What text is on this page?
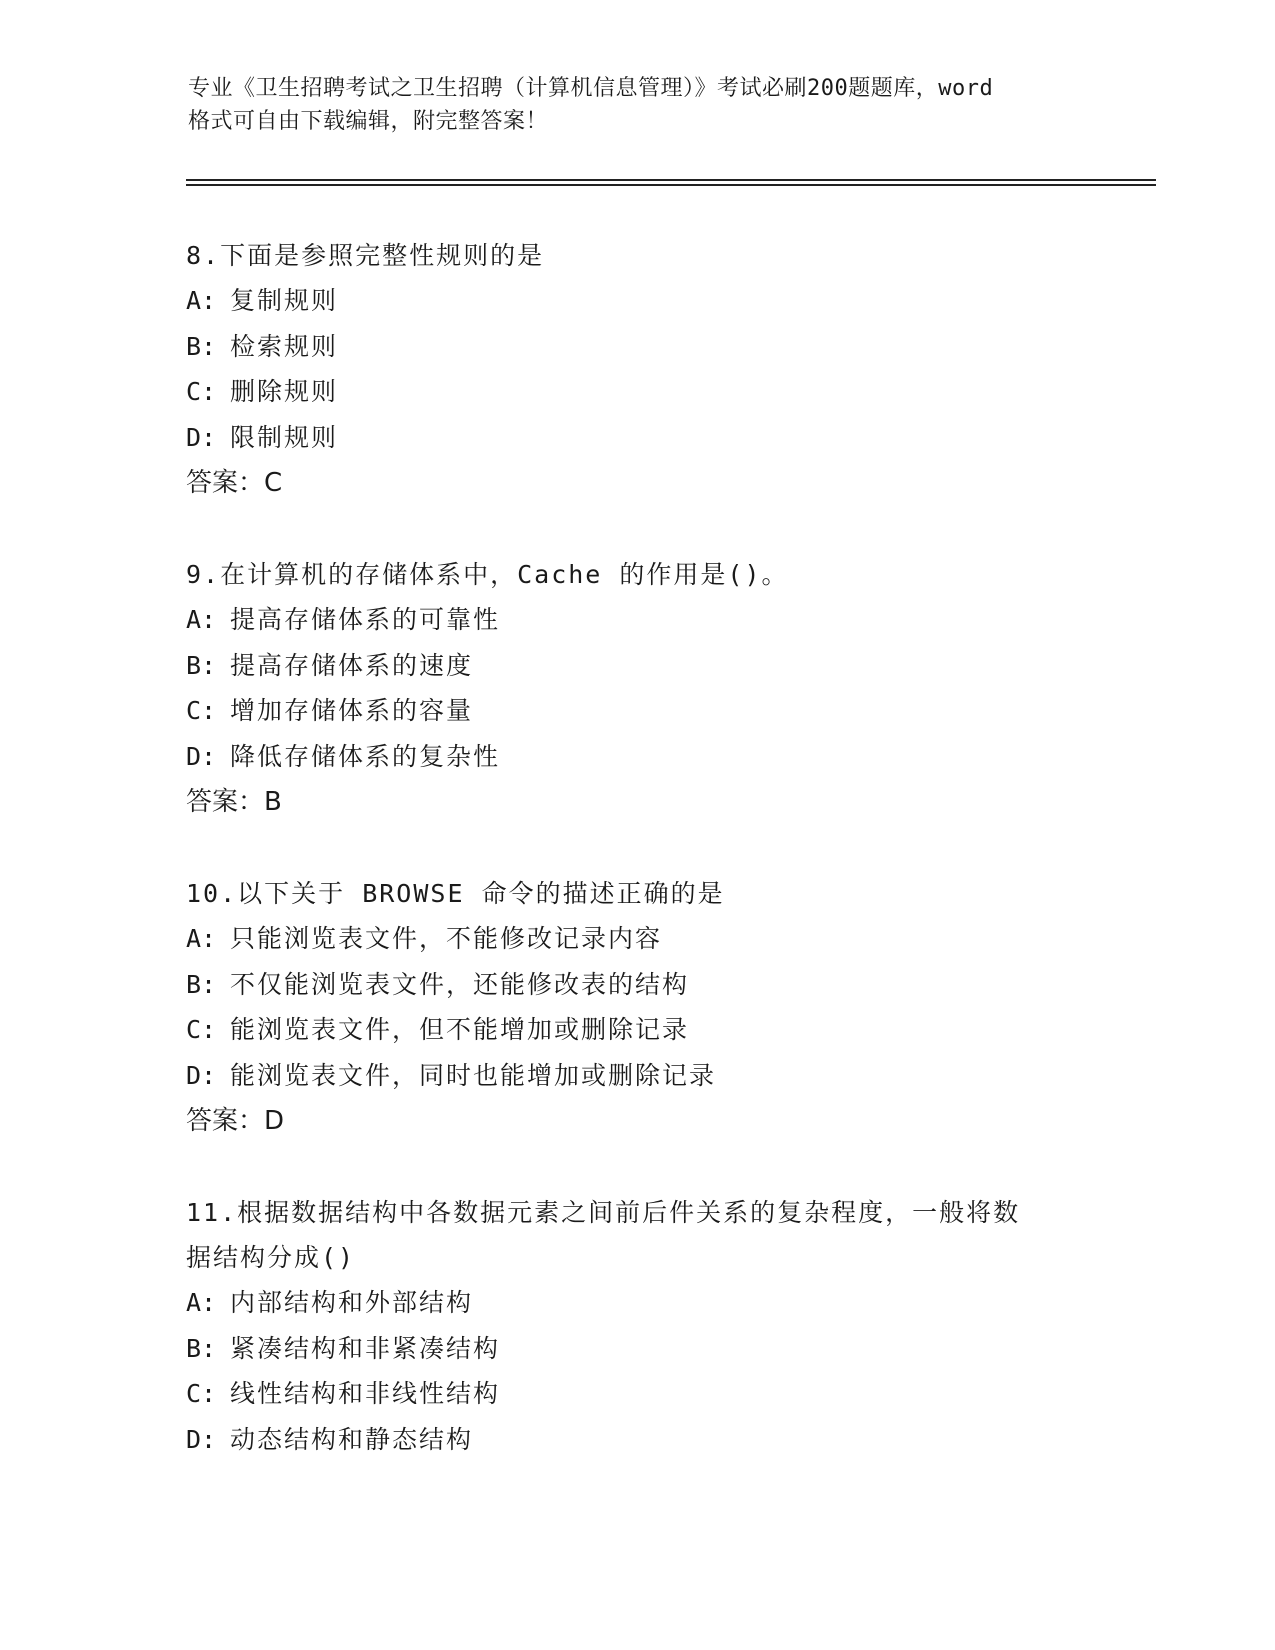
专业《卫生招聘考试之卫生招聘（计算机信息管理）》考试必刷200题题库，word
格式可自由下载编辑，附完整答案！

8.下面是参照完整性规则的是

A: 复制规则

B: 检索规则

C: 删除规则

D: 限制规则

答案：C

9.在计算机的存储体系中，Cache 的作用是()。

A: 提高存储体系的可靠性

B: 提高存储体系的速度

C: 增加存储体系的容量

D: 降低存储体系的复杂性

答案：B

10.以下关于 BROWSE 命令的描述正确的是

A: 只能浏览表文件，不能修改记录内容

B: 不仅能浏览表文件，还能修改表的结构

C: 能浏览表文件，但不能增加或删除记录

D: 能浏览表文件，同时也能增加或删除记录

答案：D

11.根据数据结构中各数据元素之间前后件关系的复杂程度，一般将数

据结构分成()

A: 内部结构和外部结构

B: 紧凑结构和非紧凑结构

C: 线性结构和非线性结构

D: 动态结构和静态结构
